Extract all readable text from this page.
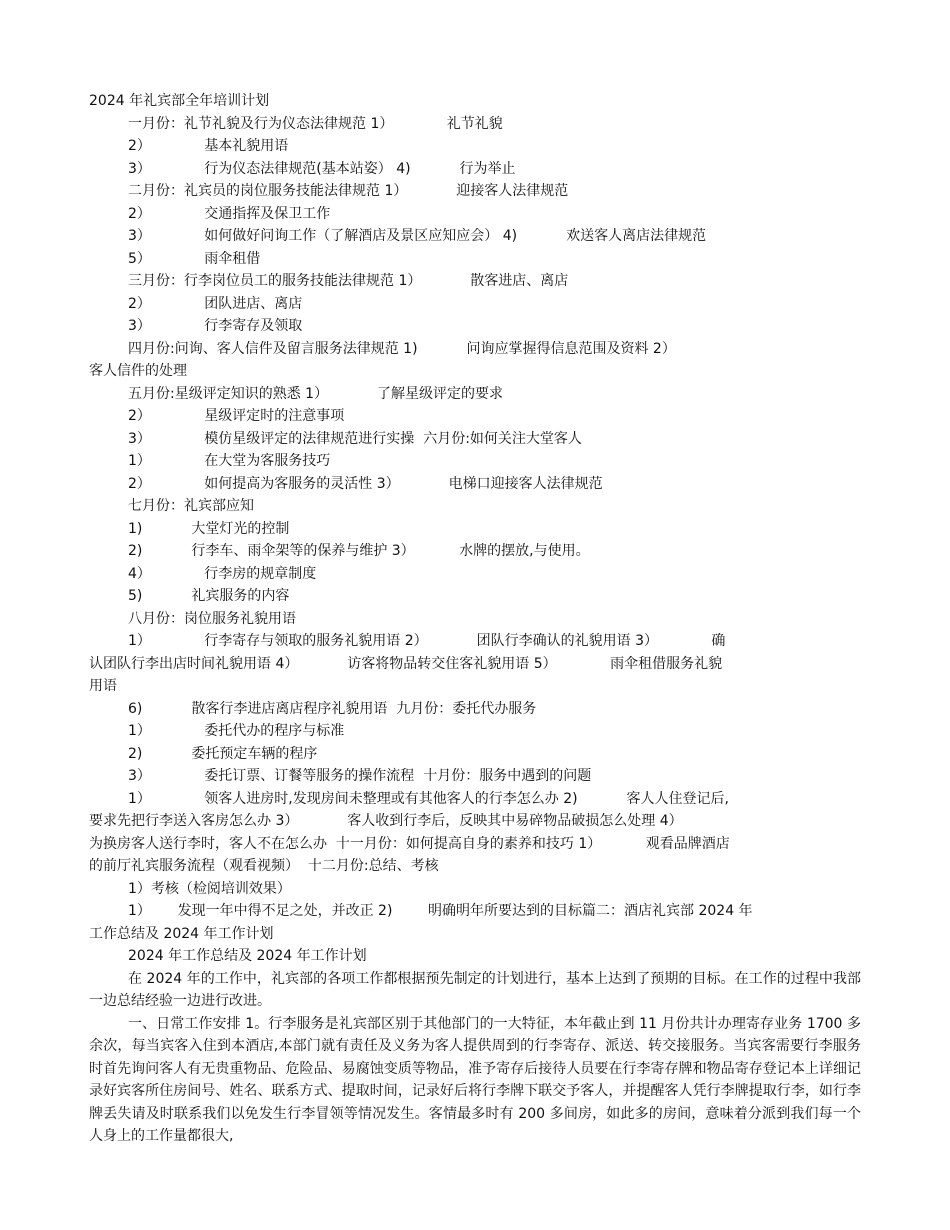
2024 年礼宾部全年培训计划
一月份：礼节礼貌及行为仪态法律规范 1）            礼节礼貌
2）            基本礼貌用语
3）            行为仪态法律规范(基本站姿） 4)           行为举止
二月份：礼宾员的岗位服务技能法律规范 1）           迎接客人法律规范
2）            交通指挥及保卫工作
3）            如何做好问询工作（了解酒店及景区应知应会） 4)           欢送客人离店法律规范
5）            雨伞租借
三月份：行李岗位员工的服务技能法律规范 1）           散客进店、离店
2）            团队进店、离店
3）            行李寄存及领取
四月份:问询、客人信件及留言服务法律规范 1)           问询应掌握得信息范围及资料 2）
客人信件的处理
五月份:星级评定知识的熟悉 1）           了解星级评定的要求
2）            星级评定时的注意事项
3）            模仿星级评定的法律规范进行实操  六月份:如何关注大堂客人
1）            在大堂为客服务技巧
2）            如何提高为客服务的灵活性 3）           电梯口迎接客人法律规范
七月份：礼宾部应知
1)           大堂灯光的控制
2)           行李车、雨伞架等的保养与维护 3）          水牌的摆放,与使用。
4）            行李房的规章制度
5)           礼宾服务的内容
八月份：岗位服务礼貌用语
1）            行李寄存与领取的服务礼貌用语 2）           团队行李确认的礼貌用语 3）            确
认团队行李出店时间礼貌用语 4）           访客将物品转交住客礼貌用语 5）            雨伞租借服务礼貌
用语
6)           散客行李进店离店程序礼貌用语  九月份：委托代办服务
1）            委托代办的程序与标准
2)           委托预定车辆的程序
3）            委托订票、订餐等服务的操作流程  十月份：服务中遇到的问题
1）            领客人进房时,发现房间未整理或有其他客人的行李怎么办 2)           客人人住登记后,
要求先把行李送入客房怎么办 3）           客人收到行李后，反映其中易碎物品破损怎么处理 4）
为换房客人送行李时，客人不在怎么办  十一月份：如何提高自身的素养和技巧 1）          观看品牌酒店
的前厅礼宾服务流程（观看视频）  十二月份:总结、考核
1）考核（检阅培训效果）
1）      发现一年中得不足之处，并改正 2)        明确明年所要达到的目标篇二：酒店礼宾部 2024 年
工作总结及 2024 年工作计划
2024 年工作总结及 2024 年工作计划
在 2024 年的工作中，礼宾部的各项工作都根据预先制定的计划进行，基本上达到了预期的目标。在工作的过程中我部一边总结经验一边进行改进。
一、日常工作安排 1。行李服务是礼宾部区别于其他部门的一大特征，本年截止到 11 月份共计办理寄存业务 1700 多余次，每当宾客入住到本酒店,本部门就有责任及义务为客人提供周到的行李寄存、派送、转交接服务。当宾客需要行李服务时首先询问客人有无贵重物品、危险品、易腐蚀变质等物品，准予寄存后接待人员要在行李寄存牌和物品寄存登记本上详细记录好宾客所住房间号、姓名、联系方式、提取时间，记录好后将行李牌下联交予客人，并提醒客人凭行李牌提取行李，如行李牌丢失请及时联系我们以免发生行李冒领等情况发生。客情最多时有 200 多间房，如此多的房间，意味着分派到我们每一个人身上的工作量都很大,
